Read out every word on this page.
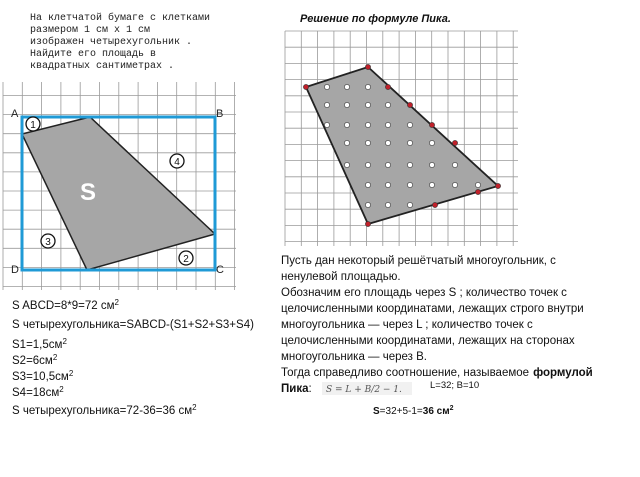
На клетчатой бумаге с клетками
размером 1 см х 1 см
изображен четырехугольник .
Найдите его площадь в
квадратных сантиметрах .
S
A	B
C
D
1
2
3
4
S ABCD=8*9=72 $см^2$
S четырехугольника=SABCD-(S1+S2+S3+S4)
$S1=1,5см^2$
$S2=6см^2$
$S3=10,5см^2$
$S4=18см^2$
S четырехугольника=72-36=36 $см^2$
Решение по формуле Пика.
Пусть дан некоторый решётчатый многоугольник, с
ненулевой площадью.
Обозначим его площадь через S ; количество точек с
целочисленными координатами, лежащих строго внутри
многоугольника — через L ; количество точек с
целочисленными координатами, лежащих на сторонах
многоугольника — через B.
Тогда справедливо соотношение, называемое формулой
Пика: S = L + B/2 − 1.	L=32; B=10
S=32+5-1=36 $см^2$
